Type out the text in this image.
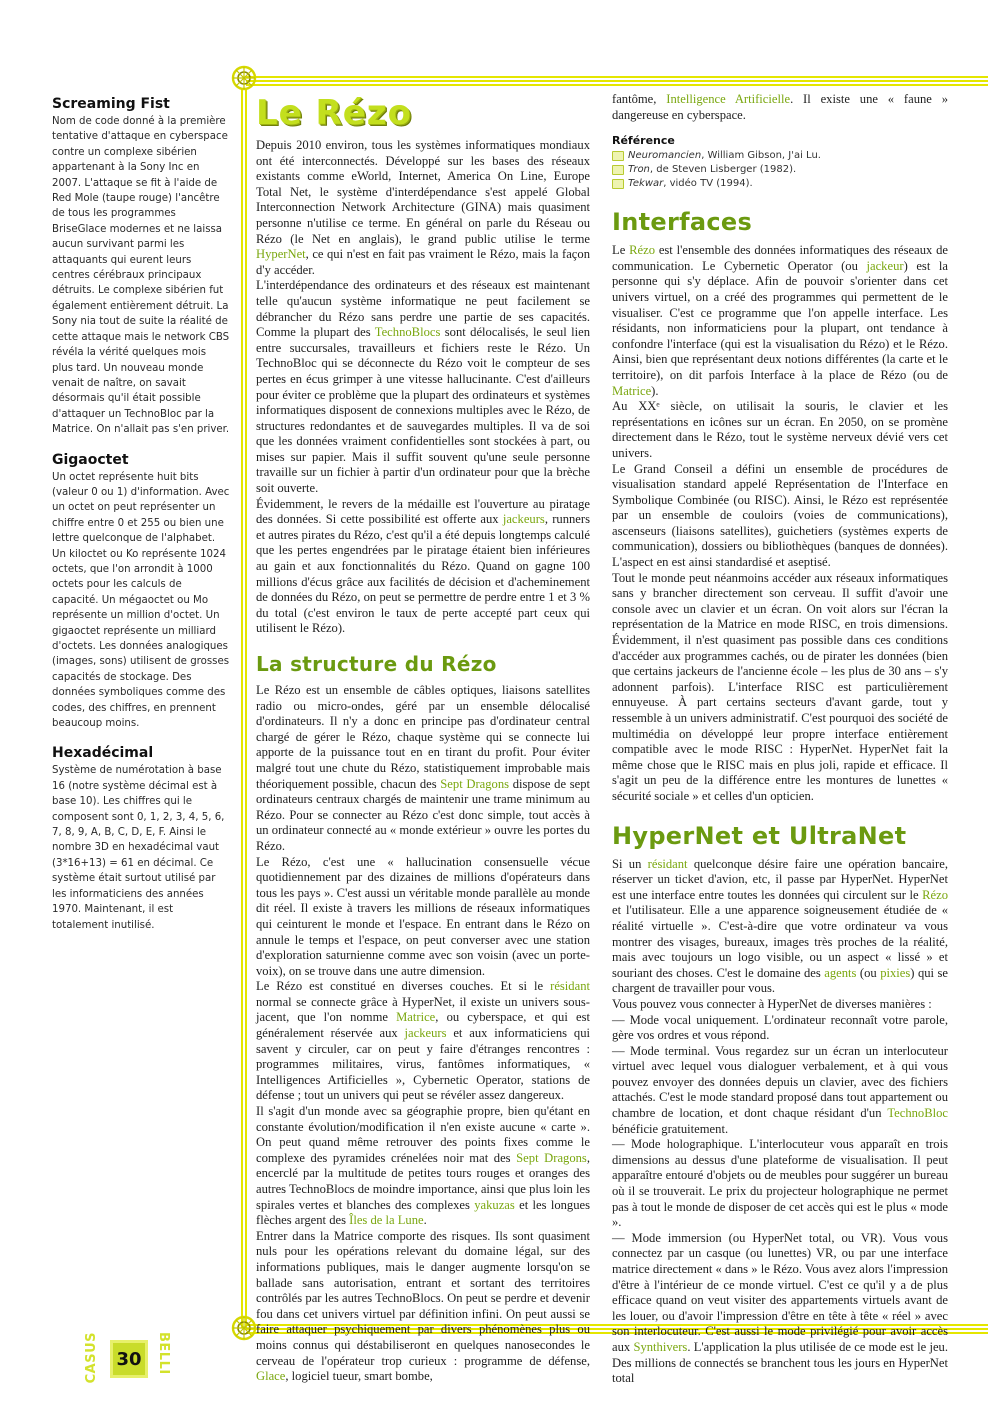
Screaming Fist

Nom de code donné à la première tentative d'attaque en cyberspace contre un complexe sibérien appartenant à la Sony Inc en 2007. L'attaque se fit à l'aide de Red Mole (taupe rouge) l'ancêtre de tous les programmes BriseGlace modernes et ne laissa aucun survivant parmi les attaquants qui eurent leurs centres cérébraux principaux détruits. Le complexe sibérien fut également entièrement détruit. La Sony nia tout de suite la réalité de cette attaque mais le network CBS révéla la vérité quelques mois plus tard. Un nouveau monde venait de naître, on savait désormais qu'il était possible d'attaquer un TechnoBloc par la Matrice. On n'allait pas s'en priver.

Gigaoctet

Un octet représente huit bits (valeur 0 ou 1) d'information. Avec un octet on peut représenter un chiffre entre 0 et 255 ou bien une lettre quelconque de l'alphabet. Un kiloctet ou Ko représente 1024 octets, que l'on arrondit à 1000 octets pour les calculs de capacité. Un mégaoctet ou Mo représente un million d'octet. Un gigaoctet représente un milliard d'octets. Les données analogiques (images, sons) utilisent de grosses capacités de stockage. Des données symboliques comme des codes, des chiffres, en prennent beaucoup moins.

Hexadécimal

Système de numérotation à base 16 (notre système décimal est à base 10). Les chiffres qui le composent sont 0, 1, 2, 3, 4, 5, 6, 7, 8, 9, A, B, C, D, E, F. Ainsi le nombre 3D en hexadécimal vaut (3*16+13) = 61 en décimal. Ce système était surtout utilisé par les informaticiens des années 1970. Maintenant, il est totalement inutilisé.

Le Rézo

Depuis 2010 environ, tous les systèmes informatiques mondiaux ont été interconnectés. Développé sur les bases des réseaux existants comme eWorld, Internet, America On Line, Europe Total Net, le système d'interdépendance s'est appelé Global Interconnection Network Architecture (GINA) mais quasiment personne n'utilise ce terme. En général on parle du Réseau ou Rézo (le Net en anglais), le grand public utilise le terme HyperNet, ce qui n'est en fait pas vraiment le Rézo, mais la façon d'y accéder.

L'interdépendance des ordinateurs et des réseaux est maintenant telle qu'aucun système informatique ne peut facilement se débrancher du Rézo sans perdre une partie de ses capacités. Comme la plupart des TechnoBlocs sont délocalisés, le seul lien entre succursales, travailleurs et fichiers reste le Rézo. Un TechnoBloc qui se déconnecte du Rézo voit le compteur de ses pertes en écus grimper à une vitesse hallucinante. C'est d'ailleurs pour éviter ce problème que la plupart des ordinateurs et systèmes informatiques disposent de connexions multiples avec le Rézo, de structures redondantes et de sauvegardes multiples. Il va de soi que les données vraiment confidentielles sont stockées à part, ou mises sur papier. Mais il suffit souvent qu'une seule personne travaille sur un fichier à partir d'un ordinateur pour que la brèche soit ouverte.

Évidemment, le revers de la médaille est l'ouverture au piratage des données. Si cette possibilité est offerte aux jackeurs, runners et autres pirates du Rézo, c'est qu'il a été depuis longtemps calculé que les pertes engendrées par le piratage étaient bien inférieures au gain et aux fonctionnalités du Rézo. Quand on gagne 100 millions d'écus grâce aux facilités de décision et d'acheminement de données du Rézo, on peut se permettre de perdre entre 1 et 3 % du total (c'est environ le taux de perte accepté part ceux qui utilisent le Rézo).

La structure du Rézo

Le Rézo est un ensemble de câbles optiques, liaisons satellites radio ou micro-ondes, géré par un ensemble délocalisé d'ordinateurs. Il n'y a donc en principe pas d'ordinateur central chargé de gérer le Rézo, chaque système qui se connecte lui apporte de la puissance tout en en tirant du profit. Pour éviter malgré tout une chute du Rézo, statistiquement improbable mais théoriquement possible, chacun des Sept Dragons dispose de sept ordinateurs centraux chargés de maintenir une trame minimum au Rézo. Pour se connecter au Rézo c'est donc simple, tout accès à un ordinateur connecté au « monde extérieur » ouvre les portes du Rézo.

Le Rézo, c'est une « hallucination consensuelle vécue quotidiennement par des dizaines de millions d'opérateurs dans tous les pays ». C'est aussi un véritable monde parallèle au monde dit réel. Il existe à travers les millions de réseaux informatiques qui ceinturent le monde et l'espace. En entrant dans le Rézo on annule le temps et l'espace, on peut converser avec une station d'exploration saturnienne comme avec son voisin (avec un porte-voix), on se trouve dans une autre dimension.

Le Rézo est constitué en diverses couches. Et si le résidant normal se connecte grâce à HyperNet, il existe un univers sous-jacent, que l'on nomme Matrice, ou cyberspace, et qui est généralement réservée aux jackeurs et aux informaticiens qui savent y circuler, car on peut y faire d'étranges rencontres : programmes militaires, virus, fantômes informatiques, « Intelligences Artificielles », Cybernetic Operator, stations de défense ; tout un univers qui peut se révéler assez dangereux.

Il s'agit d'un monde avec sa géographie propre, bien qu'étant en constante évolution/modification il n'en existe aucune « carte ». On peut quand même retrouver des points fixes comme le complexe des pyramides crénelées noir mat des Sept Dragons, encerclé par la multitude de petites tours rouges et oranges des autres TechnoBlocs de moindre importance, ainsi que plus loin les spirales vertes et blanches des complexes yakuzas et les longues flèches argent des Îles de la Lune.

Entrer dans la Matrice comporte des risques. Ils sont quasiment nuls pour les opérations relevant du domaine légal, sur des informations publiques, mais le danger augmente lorsqu'on se ballade sans autorisation, entrant et sortant des territoires contrôlés par les autres TechnoBlocs. On peut se perdre et devenir fou dans cet univers virtuel par définition infini. On peut aussi se faire attaquer psychiquement par divers phénomènes plus ou moins connus qui déstabiliseront en quelques nanosecondes le cerveau de l'opérateur trop curieux : programme de défense, Glace, logiciel tueur, smart bombe,

fantôme, Intelligence Artificielle. Il existe une « faune » dangereuse en cyberspace.

Référence
Neuromancien, William Gibson, J'ai Lu.
Tron, de Steven Lisberger (1982).
Tekwar, vidéo TV (1994).
Interfaces

Le Rézo est l'ensemble des données informatiques des réseaux de communication. Le Cybernetic Operator (ou jackeur) est la personne qui s'y déplace. Afin de pouvoir s'orienter dans cet univers virtuel, on a créé des programmes qui permettent de le visualiser. C'est ce programme que l'on appelle interface. Les résidants, non informaticiens pour la plupart, ont tendance à confondre l'interface (qui est la visualisation du Rézo) et le Rézo. Ainsi, bien que représentant deux notions différentes (la carte et le territoire), on dit parfois Interface à la place de Rézo (ou de Matrice).

Au XXᵉ siècle, on utilisait la souris, le clavier et les représentations en icônes sur un écran. En 2050, on se promène directement dans le Rézo, tout le système nerveux dévié vers cet univers.

Le Grand Conseil a défini un ensemble de procédures de visualisation standard appelé Représentation de l'Interface en Symbolique Combinée (ou RISC). Ainsi, le Rézo est représentée par un ensemble de couloirs (voies de communications), ascenseurs (liaisons satellites), guichetiers (systèmes experts de communication), dossiers ou bibliothèques (banques de données). L'aspect en est ainsi standardisé et aseptisé.

Tout le monde peut néanmoins accéder aux réseaux informatiques sans y brancher directement son cerveau. Il suffit d'avoir une console avec un clavier et un écran. On voit alors sur l'écran la représentation de la Matrice en mode RISC, en trois dimensions. Évidemment, il n'est quasiment pas possible dans ces conditions d'accéder aux programmes cachés, ou de pirater les données (bien que certains jackeurs de l'ancienne école – les plus de 30 ans – s'y adonnent parfois). L'interface RISC est particulièrement ennuyeuse. À part certains secteurs d'avant garde, tout y ressemble à un univers administratif. C'est pourquoi des société de multimédia on développé leur propre interface entièrement compatible avec le mode RISC : HyperNet. HyperNet fait la même chose que le RISC mais en plus joli, rapide et efficace. Il s'agit un peu de la différence entre les montures de lunettes « sécurité sociale » et celles d'un opticien.

HyperNet et UltraNet

Si un résidant quelconque désire faire une opération bancaire, réserver un ticket d'avion, etc, il passe par HyperNet. HyperNet est une interface entre toutes les données qui circulent sur le Rézo et l'utilisateur. Elle a une apparence soigneusement étudiée de « réalité virtuelle ». C'est-à-dire que votre ordinateur va vous montrer des visages, bureaux, images très proches de la réalité, mais avec toujours un logo visible, ou un aspect « lissé » et souriant des choses. C'est le domaine des agents (ou pixies) qui se chargent de travailler pour vous.

Vous pouvez vous connecter à HyperNet de diverses manières :

— Mode vocal uniquement. L'ordinateur reconnaît votre parole, gère vos ordres et vous répond.

— Mode terminal. Vous regardez sur un écran un interlocuteur virtuel avec lequel vous dialoguer verbalement, et à qui vous pouvez envoyer des données depuis un clavier, avec des fichiers attachés. C'est le mode standard proposé dans tout appartement ou chambre de location, et dont chaque résidant d'un TechnoBloc bénéficie gratuitement.

— Mode holographique. L'interlocuteur vous apparaît en trois dimensions au dessus d'une plateforme de visualisation. Il peut apparaître entouré d'objets ou de meubles pour suggérer un bureau où il se trouverait. Le prix du projecteur holographique ne permet pas à tout le monde de disposer de cet accès qui est le plus « mode ».

— Mode immersion (ou HyperNet total, ou VR). Vous vous connectez par un casque (ou lunettes) VR, ou par une interface matrice directement « dans » le Rézo. Vous avez alors l'impression d'être à l'intérieur de ce monde virtuel. C'est ce qu'il y a de plus efficace quand on veut visiter des appartements virtuels avant de les louer, ou d'avoir l'impression d'être en tête à tête « réel » avec son interlocuteur. C'est aussi le mode privilégié pour avoir accès aux Synthivers. L'application la plus utilisée de ce mode est le jeu. Des millions de connectés se branchent tous les jours en HyperNet total

CASUS 30 BELLI
